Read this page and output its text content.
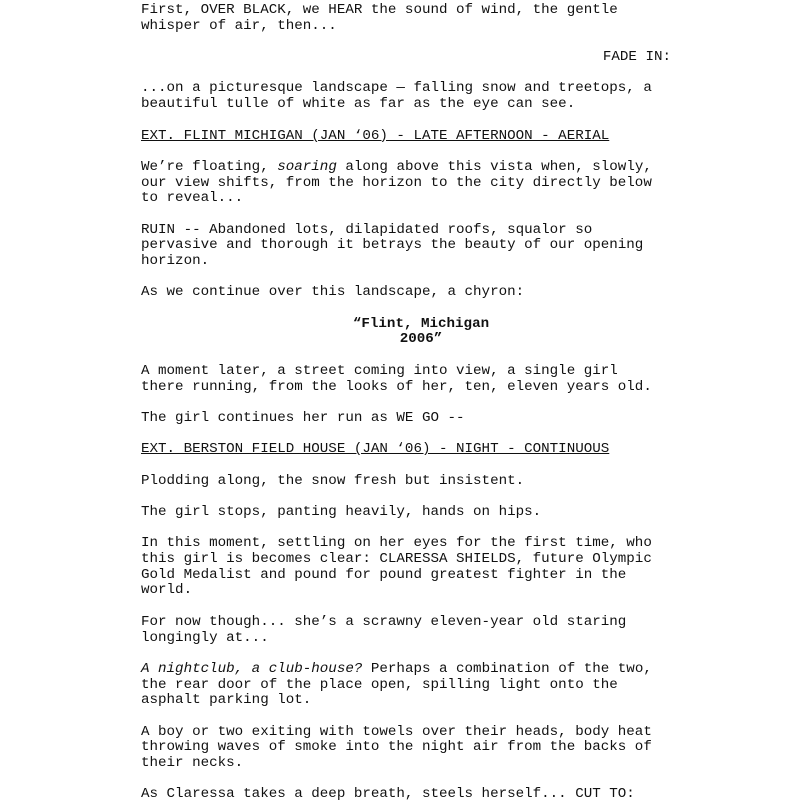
First, OVER BLACK, we HEAR the sound of wind, the gentle
whisper of air, then...
FADE IN:
...on a picturesque landscape — falling snow and treetops, a
beautiful tulle of white as far as the eye can see.
EXT. FLINT MICHIGAN (JAN ‘06) - LATE AFTERNOON - AERIAL
We’re floating, soaring along above this vista when, slowly,
our view shifts, from the horizon to the city directly below
to reveal...
RUIN -- Abandoned lots, dilapidated roofs, squalor so
pervasive and thorough it betrays the beauty of our opening
horizon.
As we continue over this landscape, a chyron:
“Flint, Michigan
2006”
A moment later, a street coming into view, a single girl
there running, from the looks of her, ten, eleven years old.
The girl continues her run as WE GO --
EXT. BERSTON FIELD HOUSE (JAN ‘06) - NIGHT - CONTINUOUS
Plodding along, the snow fresh but insistent.
The girl stops, panting heavily, hands on hips.
In this moment, settling on her eyes for the first time, who
this girl is becomes clear: CLARESSA SHIELDS, future Olympic
Gold Medalist and pound for pound greatest fighter in the
world.
For now though... she’s a scrawny eleven-year old staring
longingly at...
A nightclub, a club-house? Perhaps a combination of the two,
the rear door of the place open, spilling light onto the
asphalt parking lot.
A boy or two exiting with towels over their heads, body heat
throwing waves of smoke into the night air from the backs of
their necks.
As Claressa takes a deep breath, steels herself... CUT TO:
